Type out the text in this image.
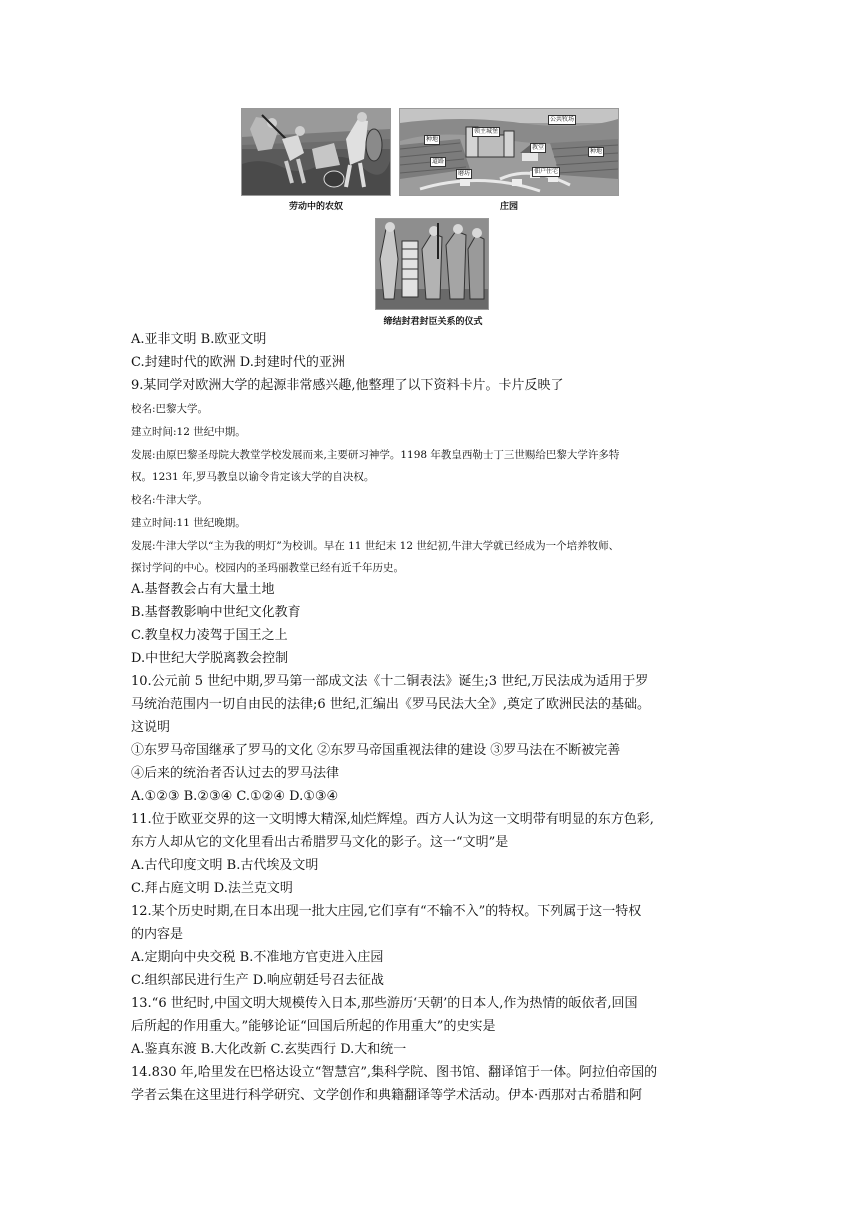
劳动中的农奴
公共牧场
领主城堡
种地
教堂
种地
道路
磨坊	佃户住宅
庄园
缔结封君封臣关系的仪式
A.亚非文明 B.欧亚文明
C.封建时代的欧洲 D.封建时代的亚洲
9.某同学对欧洲大学的起源非常感兴趣,他整理了以下资料卡片。卡片反映了
校名:巴黎大学。
建立时间:12 世纪中期。
发展:由原巴黎圣母院大教堂学校发展而来,主要研习神学。1198 年教皇西勒士丁三世赐给巴黎大学许多特
权。1231 年,罗马教皇以谕令肯定该大学的自决权。
校名:牛津大学。
建立时间:11 世纪晚期。
发展:牛津大学以“主为我的明灯”为校训。早在 11 世纪末 12 世纪初,牛津大学就已经成为一个培养牧师、
探讨学问的中心。校园内的圣玛丽教堂已经有近千年历史。
A.基督教会占有大量土地
B.基督教影响中世纪文化教育
C.教皇权力凌驾于国王之上
D.中世纪大学脱离教会控制
10.公元前 5 世纪中期,罗马第一部成文法《十二铜表法》诞生;3 世纪,万民法成为适用于罗
马统治范围内一切自由民的法律;6 世纪,汇编出《罗马民法大全》,奠定了欧洲民法的基础。
这说明
①东罗马帝国继承了罗马的文化 ②东罗马帝国重视法律的建设 ③罗马法在不断被完善
④后来的统治者否认过去的罗马法律
A.①②③ B.②③④ C.①②④ D.①③④
11.位于欧亚交界的这一文明博大精深,灿烂辉煌。西方人认为这一文明带有明显的东方色彩,
东方人却从它的文化里看出古希腊罗马文化的影子。这一“文明”是
A.古代印度文明 B.古代埃及文明
C.拜占庭文明 D.法兰克文明
12.某个历史时期,在日本出现一批大庄园,它们享有“不输不入”的特权。下列属于这一特权
的内容是
A.定期向中央交税 B.不准地方官吏进入庄园
C.组织部民进行生产 D.响应朝廷号召去征战
13.“6 世纪时,中国文明大规模传入日本,那些游历‘天朝’的日本人,作为热情的皈依者,回国
后所起的作用重大。”能够论证“回国后所起的作用重大”的史实是
A.鉴真东渡 B.大化改新 C.玄奘西行 D.大和统一
14.830 年,哈里发在巴格达设立“智慧宫”,集科学院、图书馆、翻译馆于一体。阿拉伯帝国的
学者云集在这里进行科学研究、文学创作和典籍翻译等学术活动。伊本·西那对古希腊和阿
